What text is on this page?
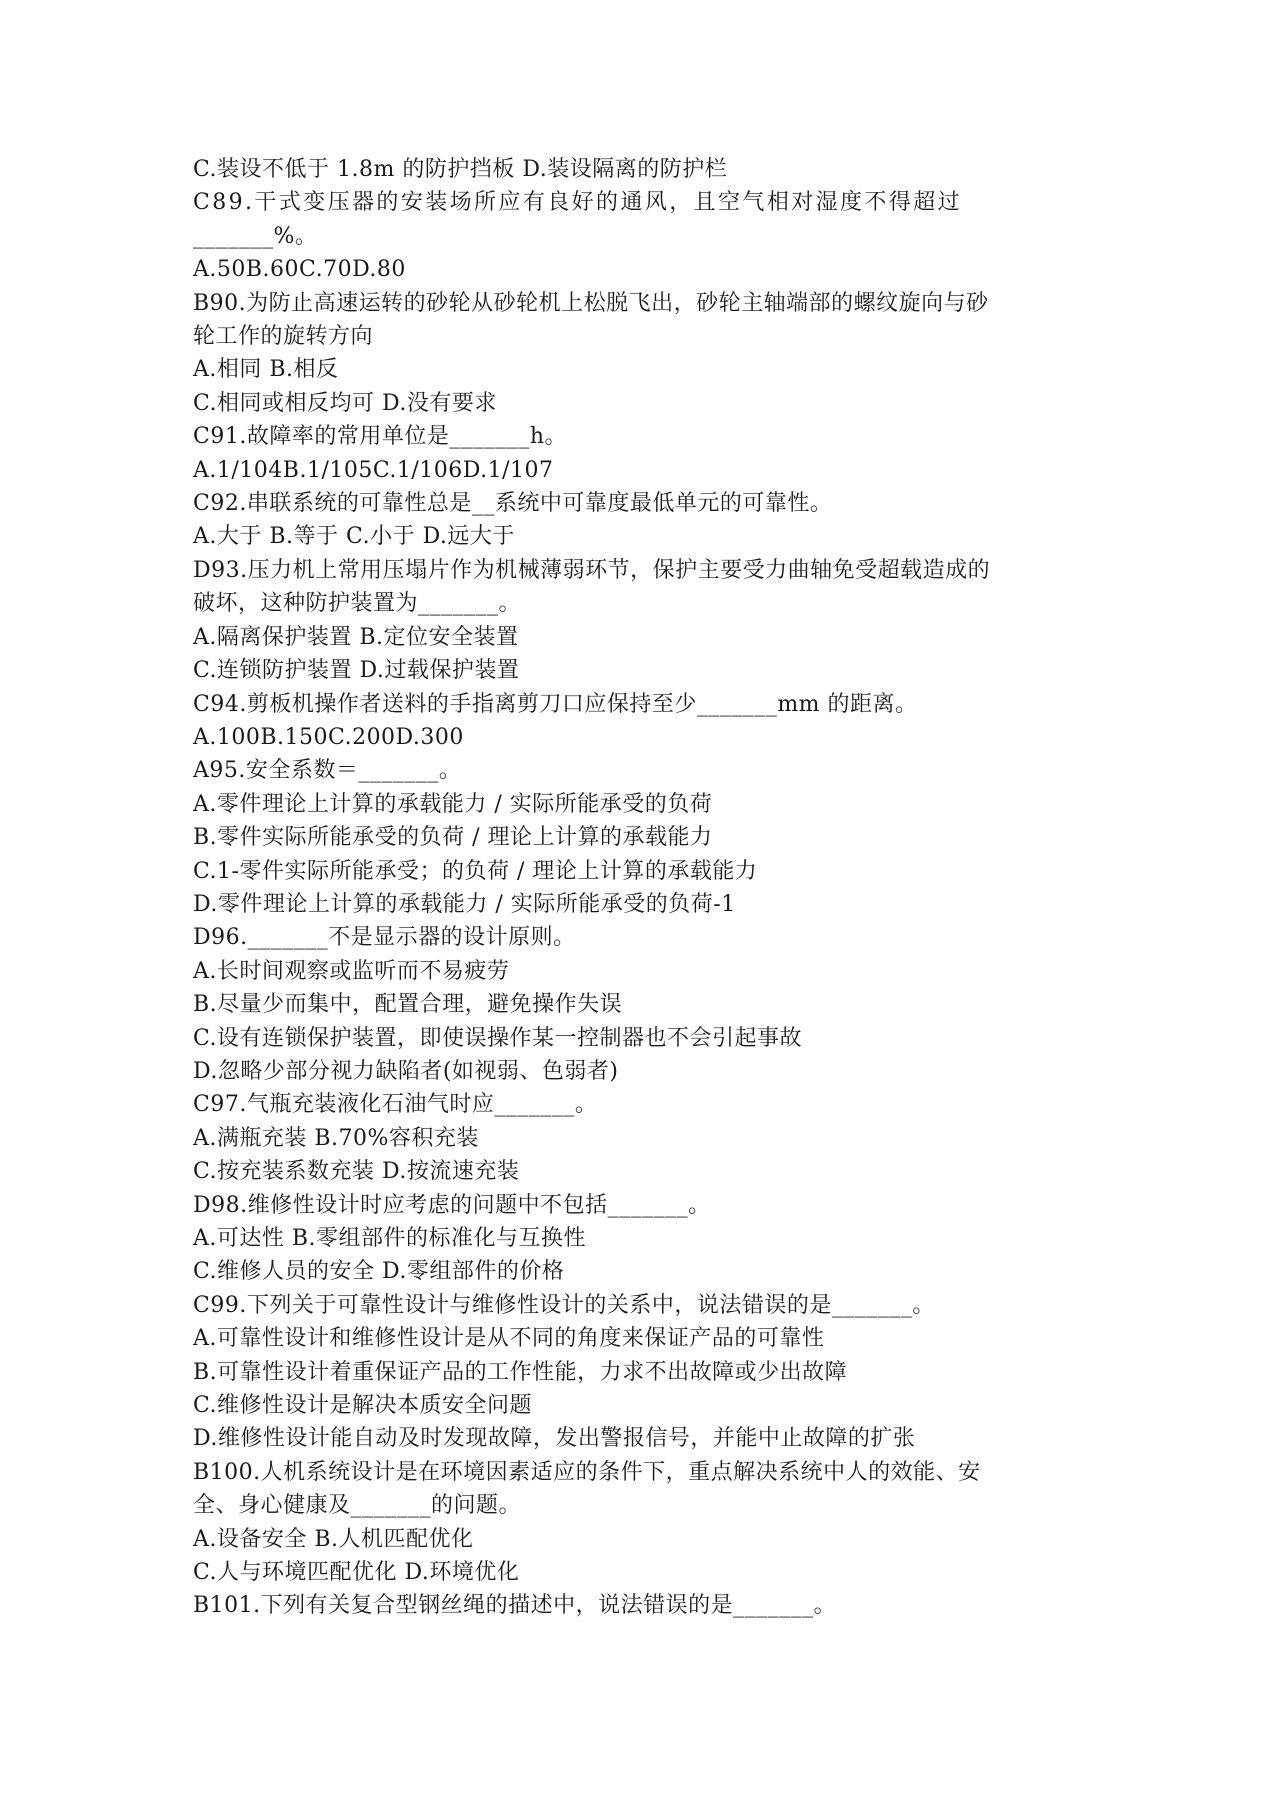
C.装设不低于 1.8m 的防护挡板 D.装设隔离的防护栏
C89.干式变压器的安装场所应有良好的通风，且空气相对湿度不得超过
_______%。
A.50B.60C.70D.80
B90.为防止高速运转的砂轮从砂轮机上松脱飞出，砂轮主轴端部的螺纹旋向与砂
轮工作的旋转方向
A.相同 B.相反
C.相同或相反均可 D.没有要求
C91.故障率的常用单位是_______h。
A.1/104B.1/105C.1/106D.1/107
C92.串联系统的可靠性总是__系统中可靠度最低单元的可靠性。
A.大于 B.等于 C.小于 D.远大于
D93.压力机上常用压塌片作为机械薄弱环节，保护主要受力曲轴免受超载造成的
破坏，这种防护装置为_______。
A.隔离保护装置 B.定位安全装置
C.连锁防护装置 D.过载保护装置
C94.剪板机操作者送料的手指离剪刀口应保持至少_______mm 的距离。
A.100B.150C.200D.300
A95.安全系数＝_______。
A.零件理论上计算的承载能力 / 实际所能承受的负荷
B.零件实际所能承受的负荷 / 理论上计算的承载能力
C.1-零件实际所能承受；的负荷 / 理论上计算的承载能力
D.零件理论上计算的承载能力 / 实际所能承受的负荷-1
D96._______不是显示器的设计原则。
A.长时间观察或监听而不易疲劳
B.尽量少而集中，配置合理，避免操作失误
C.设有连锁保护装置，即使误操作某一控制器也不会引起事故
D.忽略少部分视力缺陷者(如视弱、色弱者)
C97.气瓶充装液化石油气时应_______。
A.满瓶充装 B.70%容积充装
C.按充装系数充装 D.按流速充装
D98.维修性设计时应考虑的问题中不包括_______。
A.可达性 B.零组部件的标准化与互换性
C.维修人员的安全 D.零组部件的价格
C99.下列关于可靠性设计与维修性设计的关系中，说法错误的是_______。
A.可靠性设计和维修性设计是从不同的角度来保证产品的可靠性
B.可靠性设计着重保证产品的工作性能，力求不出故障或少出故障
C.维修性设计是解决本质安全问题
D.维修性设计能自动及时发现故障，发出警报信号，并能中止故障的扩张
B100.人机系统设计是在环境因素适应的条件下，重点解决系统中人的效能、安
全、身心健康及_______的问题。
A.设备安全 B.人机匹配优化
C.人与环境匹配优化 D.环境优化
B101.下列有关复合型钢丝绳的描述中，说法错误的是_______。
